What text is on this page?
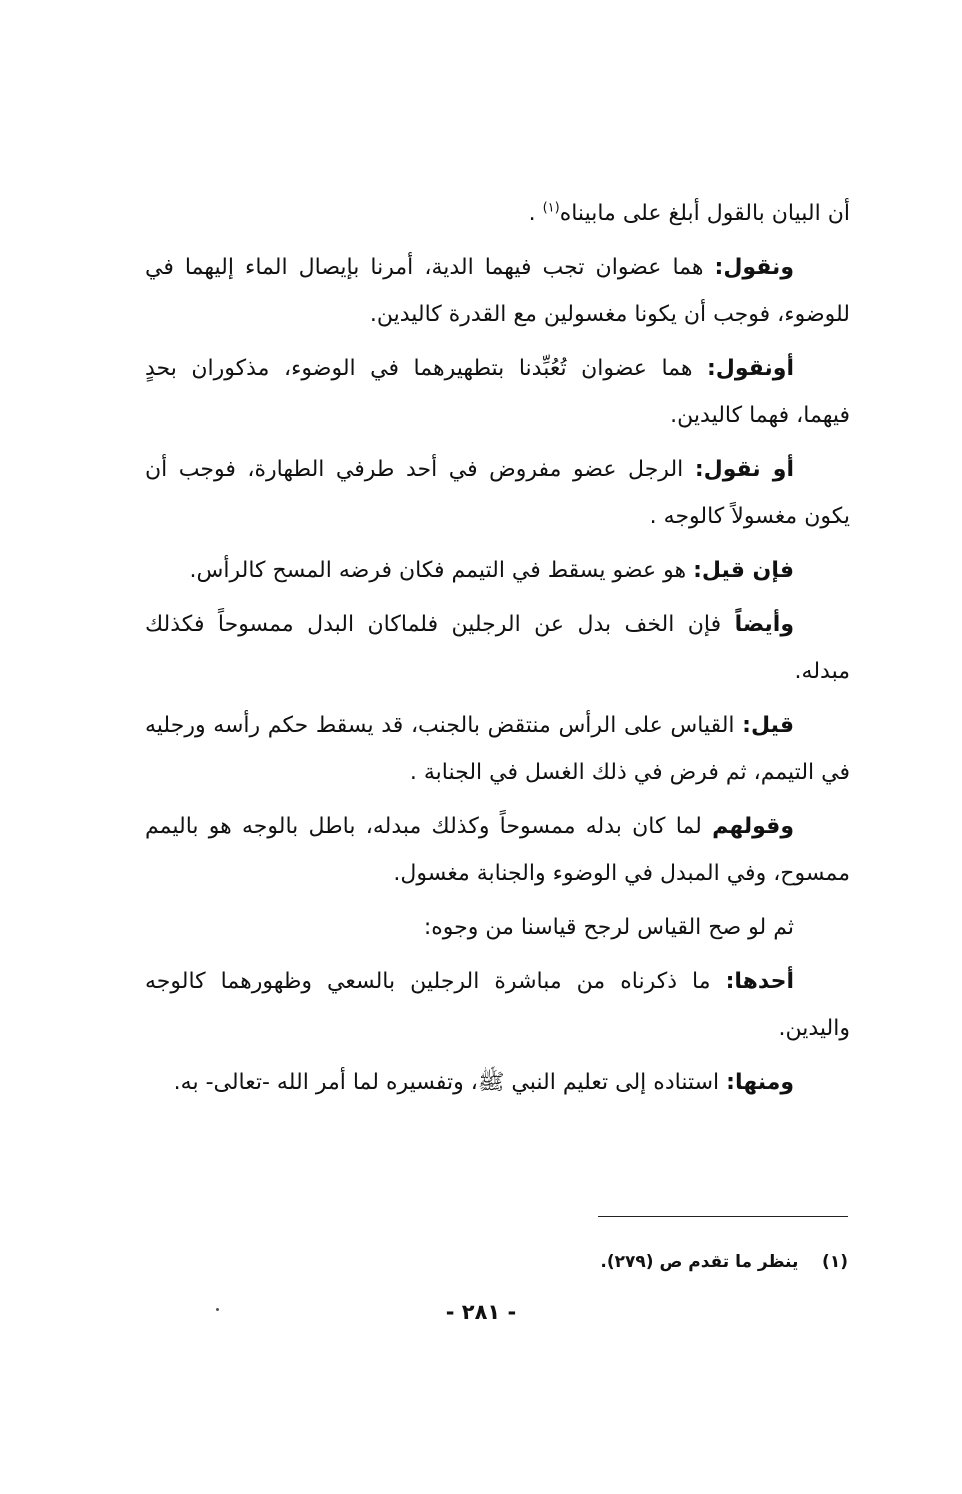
أن البيان بالقول أبلغ على مابيناه$^{(١)}$ .

ونقول: هما عضوان تجب فيهما الدية، أمرنا بإيصال الماء إليهما في للوضوء، فوجب أن يكونا مغسولين مع القدرة كاليدين.

أونقول: هما عضوان تُعُبِّدنا بتطهيرهما في الوضوء، مذكوران بحدٍ فيهما، فهما كاليدين.

أو نقول: الرجل عضو مفروض في أحد طرفي الطهارة، فوجب أن يكون مغسولاً كالوجه .

فإن قيل: هو عضو يسقط في التيمم فكان فرضه المسح كالرأس.

وأيضاً فإن الخف بدل عن الرجلين فلماكان البدل ممسوحاً فكذلك مبدله.

قيل: القياس على الرأس منتقض بالجنب، قد يسقط حكم رأسه ورجليه في التيمم، ثم فرض في ذلك الغسل في الجنابة .

وقولهم لما كان بدله ممسوحاً وكذلك مبدله، باطل بالوجه هو باليمم ممسوح، وفي المبدل في الوضوء والجنابة مغسول.

ثم لو صح القياس لرجح قياسنا من وجوه:

أحدها: ما ذكرناه من مباشرة الرجلين بالسعي وظهورهما كالوجه واليدين.

ومنها: استناده إلى تعليم النبي ﷺ، وتفسيره لما أمر الله -تعالى- به.

(١)    ينظر ما تقدم ص (٢٧٩).
- ٢٨١ -
